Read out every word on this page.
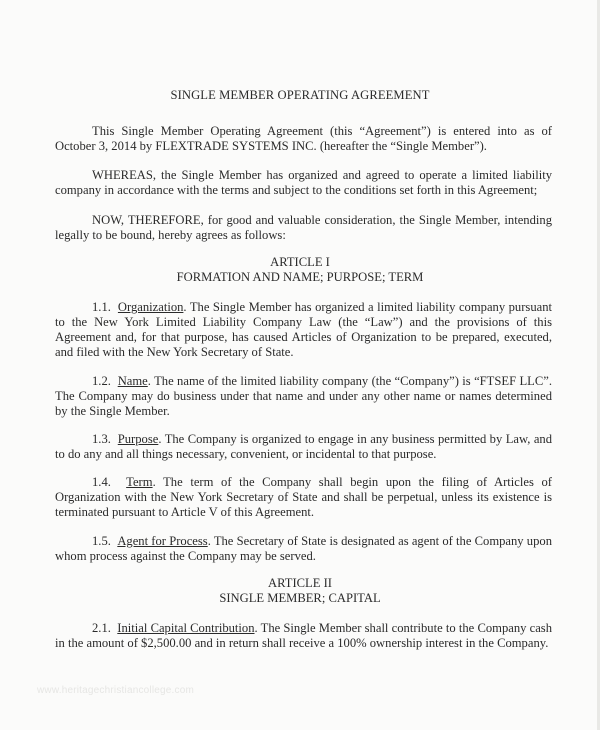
SINGLE MEMBER OPERATING AGREEMENT
This Single Member Operating Agreement (this “Agreement”) is entered into as of October 3, 2014 by FLEXTRADE SYSTEMS INC. (hereafter the “Single Member”).
WHEREAS, the Single Member has organized and agreed to operate a limited liability company in accordance with the terms and subject to the conditions set forth in this Agreement;
NOW, THEREFORE, for good and valuable consideration, the Single Member, intending legally to be bound, hereby agrees as follows:
ARTICLE I
FORMATION AND NAME; PURPOSE; TERM
1.1. Organization. The Single Member has organized a limited liability company pursuant to the New York Limited Liability Company Law (the “Law”) and the provisions of this Agreement and, for that purpose, has caused Articles of Organization to be prepared, executed, and filed with the New York Secretary of State.
1.2. Name. The name of the limited liability company (the “Company”) is “FTSEF LLC”. The Company may do business under that name and under any other name or names determined by the Single Member.
1.3. Purpose. The Company is organized to engage in any business permitted by Law, and to do any and all things necessary, convenient, or incidental to that purpose.
1.4. Term. The term of the Company shall begin upon the filing of Articles of Organization with the New York Secretary of State and shall be perpetual, unless its existence is terminated pursuant to Article V of this Agreement.
1.5. Agent for Process. The Secretary of State is designated as agent of the Company upon whom process against the Company may be served.
ARTICLE II
SINGLE MEMBER; CAPITAL
2.1. Initial Capital Contribution. The Single Member shall contribute to the Company cash in the amount of $2,500.00 and in return shall receive a 100% ownership interest in the Company.
www.heritagechristiancollege.com
